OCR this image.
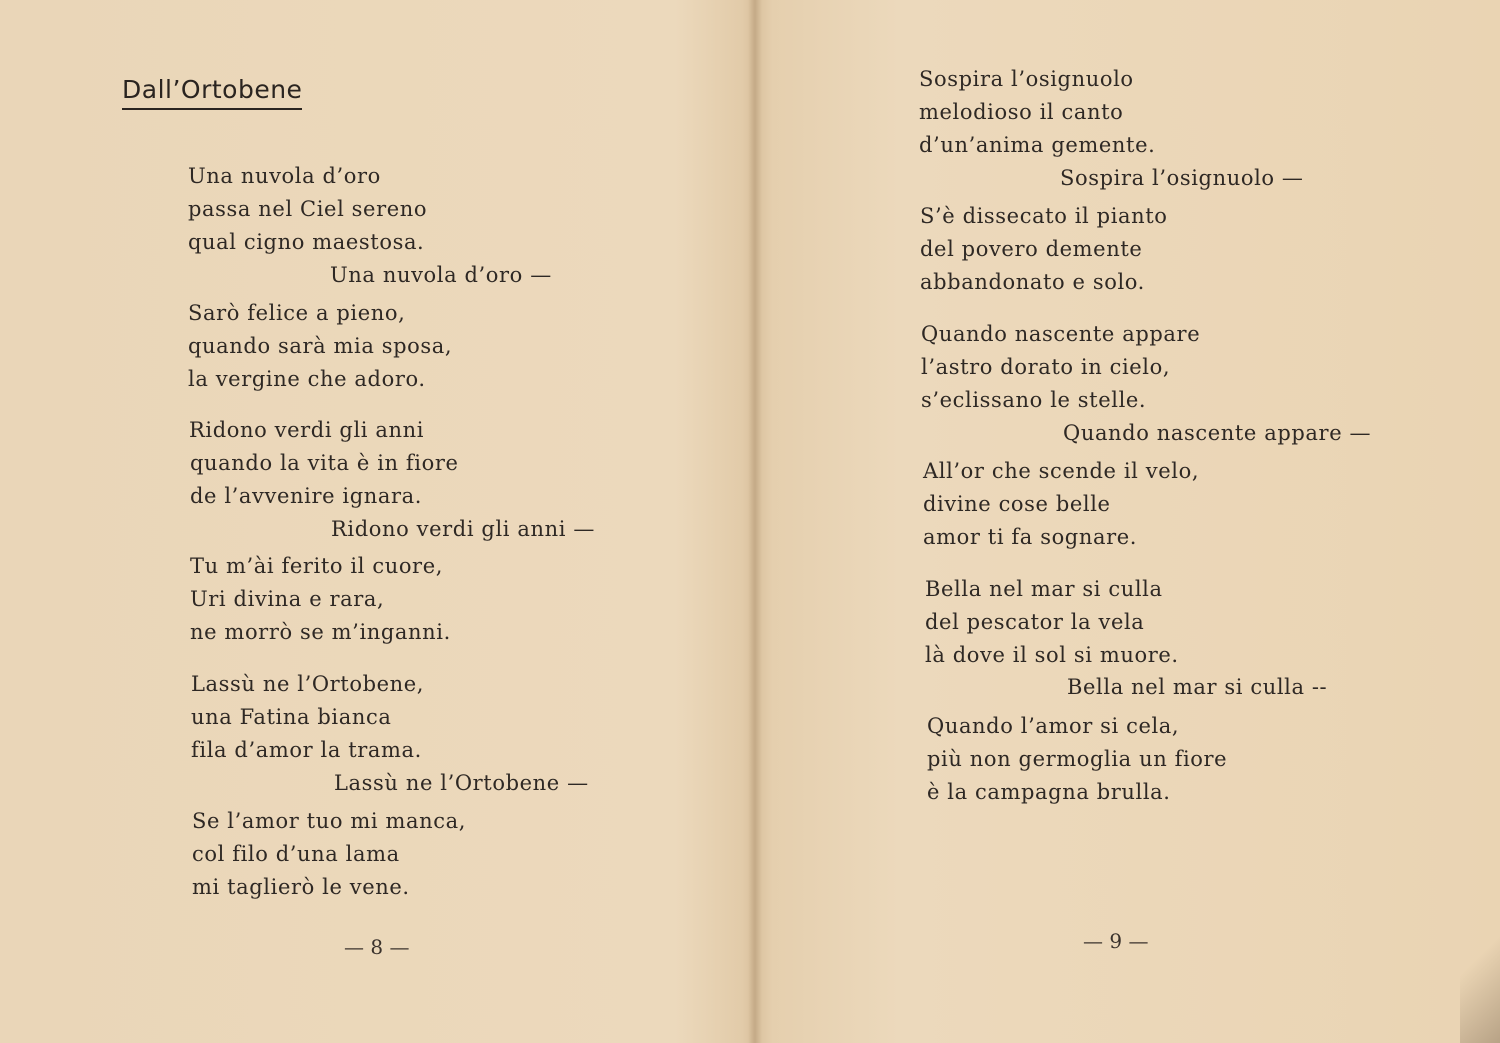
Dall’Ortobene
Una nuvola d’oro
passa nel Ciel sereno
qual cigno maestosa.
Una nuvola d’oro —
Sarò felice a pieno,
quando sarà mia sposa,
la vergine che adoro.
Ridono verdi gli anni
quando la vita è in fiore
de l’avvenire ignara.
Ridono verdi gli anni —
Tu m’ài ferito il cuore,
Uri divina e rara,
ne morrò se m’inganni.
Lassù ne l’Ortobene,
una Fatina bianca
fila d’amor la trama.
Lassù ne l’Ortobene —
Se l’amor tuo mi manca,
col filo d’una lama
mi taglierò le vene.
— 8 —
Sospira l’osignuolo
melodioso il canto
d’un’anima gemente.
Sospira l’osignuolo —
S’è dissecato il pianto
del povero demente
abbandonato e solo.
Quando nascente appare
l’astro dorato in cielo,
s’eclissano le stelle.
Quando nascente appare —
All’or che scende il velo,
divine cose belle
amor ti fa sognare.
Bella nel mar si culla
del pescator la vela
là dove il sol si muore.
Bella nel mar si culla --
Quando l’amor si cela,
più non germoglia un fiore
è la campagna brulla.
— 9 —
